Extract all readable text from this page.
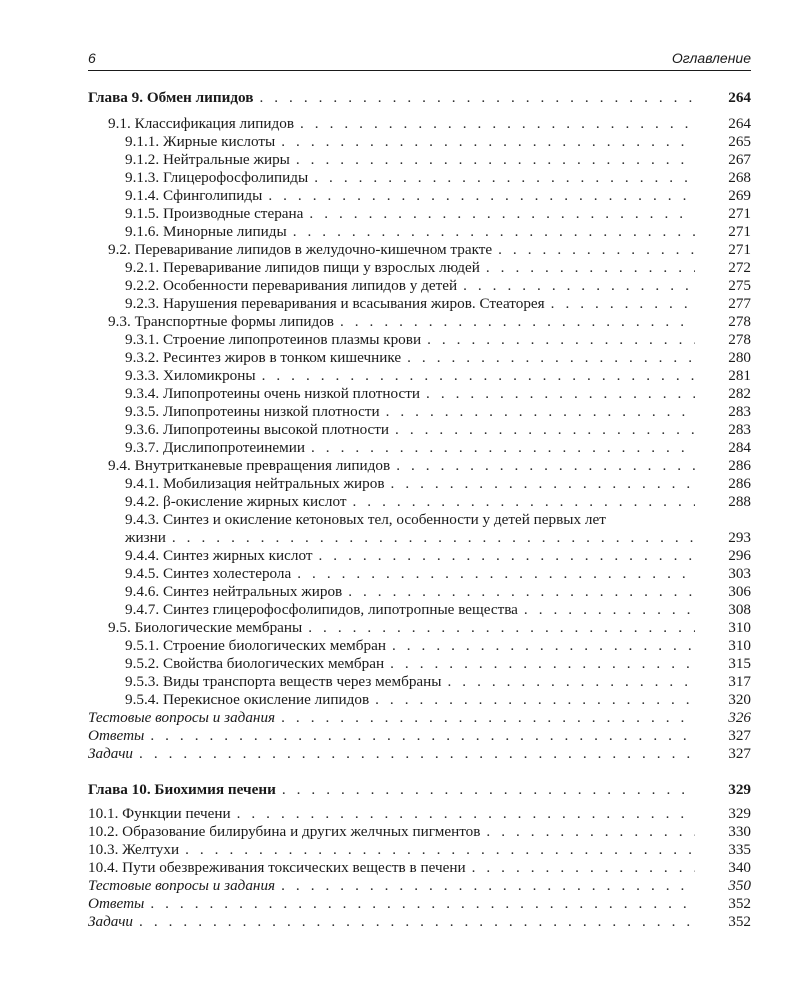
6	Оглавление
Глава 9. Обмен липидов . . .	264
9.1. Классификация липидов . . .	264
9.1.1. Жирные кислоты . . .	265
9.1.2. Нейтральные жиры . . .	267
9.1.3. Глицерофосфолипиды . . .	268
9.1.4. Сфинголипиды . . .	269
9.1.5. Производные стерана . . .	271
9.1.6. Минорные липиды . . .	271
9.2. Переваривание липидов в желудочно-кишечном тракте . . .	271
9.2.1. Переваривание липидов пищи у взрослых людей . . .	272
9.2.2. Особенности переваривания липидов у детей . . .	275
9.2.3. Нарушения переваривания и всасывания жиров. Стеаторея . . .	277
9.3. Транспортные формы липидов . . .	278
9.3.1. Строение липопротеинов плазмы крови . . .	278
9.3.2. Ресинтез жиров в тонком кишечнике . . .	280
9.3.3. Хиломикроны . . .	281
9.3.4. Липопротеины очень низкой плотности . . .	282
9.3.5. Липопротеины низкой плотности . . .	283
9.3.6. Липопротеины высокой плотности . . .	283
9.3.7. Дислипопротеинемии . . .	284
9.4. Внутритканевые превращения липидов . . .	286
9.4.1. Мобилизация нейтральных жиров . . .	286
9.4.2. β-окисление жирных кислот . . .	288
9.4.3. Синтез и окисление кетоновых тел, особенности у детей первых лет
жизни . . .	293
9.4.4. Синтез жирных кислот . . .	296
9.4.5. Синтез холестерола . . .	303
9.4.6. Синтез нейтральных жиров . . .	306
9.4.7. Синтез глицерофосфолипидов, липотропные вещества . . .	308
9.5. Биологические мембраны . . .	310
9.5.1. Строение биологических мембран . . .	310
9.5.2. Свойства биологических мембран . . .	315
9.5.3. Виды транспорта веществ через мембраны . . .	317
9.5.4. Перекисное окисление липидов . . .	320
Тестовые вопросы и задания . . .	326
Ответы . . .	327
Задачи . . .	327
Глава 10. Биохимия печени . . .	329
10.1. Функции печени . . .	329
10.2. Образование билирубина и других желчных пигментов . . .	330
10.3. Желтухи . . .	335
10.4. Пути обезвреживания токсических веществ в печени . . .	340
Тестовые вопросы и задания . . .	350
Ответы . . .	352
Задачи . . .	352
